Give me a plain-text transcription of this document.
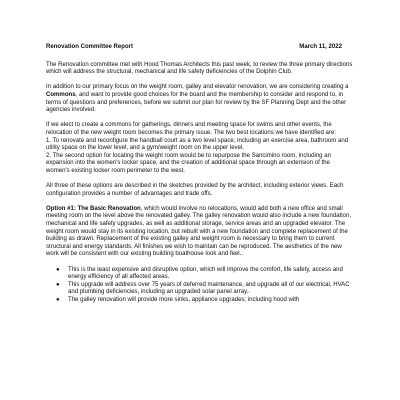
Renovation Committee Report	March 11, 2022

The Renovation committee met with Hood Thomas Architects this past week, to review the three primary directions which will address the structural, mechanical and life safety deficiencies of the Dolphin Club.

In addition to our primary focus on the weight room, galley and elevator renovation, we are considering creating a Commons, and want to provide good choices for the board and the membership to consider and respond to, in terms of questions and preferences, before we submit our plan for review by the SF Planning Dept and the other agencies involved.

If we elect to create a commons for gatherings, dinners and meeting space for swims and other events, the relocation of the new weight room becomes the primary issue. The two best locations we have identified are:
1. To renovate and reconfigure the handball court as a two level space, including an exercise area, bathroom and utility space on the lower level, and a gym/weight room on the upper level.
2. The second option for locating the weight room would be to repurpose the Sancimino room, including an expansion into the women's locker space, and the creation of additional space through an extension of the women's existing locker room perimeter to the west.

All three of these options are described in the sketches provided by the architect, including exterior views. Each configuration provides a number of advantages and trade offs.

Option #1: The Basic Renovation, which would involve no relocations, would add both a new office and small meeting room on the level above the renovated galley. The galley renovation would also include a new foundation, mechanical and life safety upgrades, as well as additional storage, service areas and an upgraded elevator. The weight room would stay in its existing location, but rebuilt with a new foundation and complete replacement of the building as drawn. Replacement of the existing galley and weight room is necessary to bring them to current structural and energy standards. All finishes we wish to maintain can be reproduced. The aesthetics of the new work will be consistent with our existing building boathouse look and feel..

● This is the least expensive and disruptive option, which will improve the comfort, life safety, access and energy efficiency of all affected areas.
● This upgrade will address over 75 years of deferred maintenance, and upgrade all of our electrical, HVAC and plumbing deficiencies, including an upgraded solar panel array..
● The galley renovation will provide more sinks, appliance upgrades; including hood with
